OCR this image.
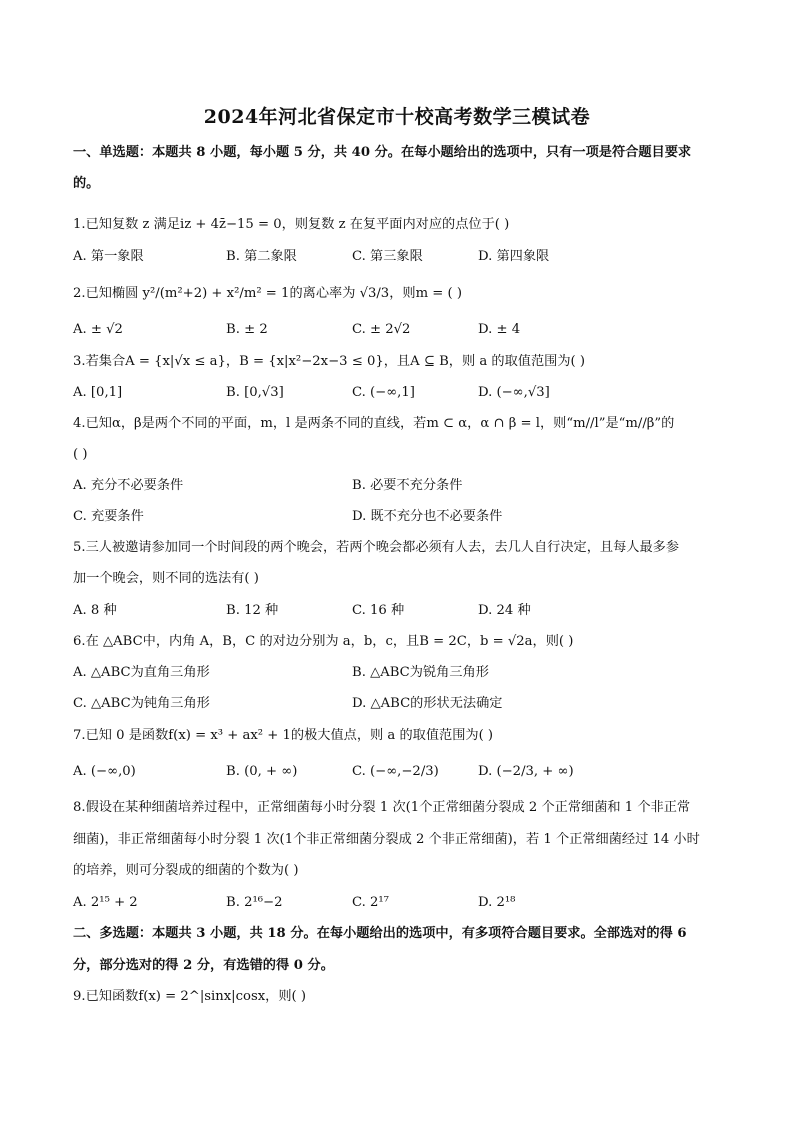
2024年河北省保定市十校高考数学三模试卷
一、单选题：本题共 8 小题，每小题 5 分，共 40 分。在每小题给出的选项中，只有一项是符合题目要求
的。
1.已知复数 z 满足iz + 4z̄−15 = 0，则复数 z 在复平面内对应的点位于( )
A. 第一象限	B. 第二象限	C. 第三象限	D. 第四象限
2.已知椭圆 y²/(m²+2) + x²/m² = 1的离心率为 √3/3，则m = ( )
A. ± √2	B. ± 2	C. ± 2√2	D. ± 4
3.若集合A = {x|√x ≤ a}，B = {x|x²−2x−3 ≤ 0}，且A ⊆ B，则 a 的取值范围为( )
A. [0,1]	B. [0,√3]	C. (−∞,1]	D. (−∞,√3]
4.已知α，β是两个不同的平面，m，l 是两条不同的直线，若m ⊂ α，α ∩ β = l，则“m//l”是“m//β”的
( )
A. 充分不必要条件	B. 必要不充分条件
C. 充要条件	D. 既不充分也不必要条件
5.三人被邀请参加同一个时间段的两个晚会，若两个晚会都必须有人去，去几人自行决定，且每人最多参
加一个晚会，则不同的选法有( )
A. 8 种	B. 12 种	C. 16 种	D. 24 种
6.在 △ABC中，内角 A，B，C 的对边分别为 a，b，c，且B = 2C，b = √2a，则( )
A. △ABC为直角三角形	B. △ABC为锐角三角形
C. △ABC为钝角三角形	D. △ABC的形状无法确定
7.已知 0 是函数f(x) = x³ + ax² + 1的极大值点，则 a 的取值范围为( )
A. (−∞,0)	B. (0, + ∞)	C. (−∞,−2/3)	D. (−2/3, + ∞)
8.假设在某种细菌培养过程中，正常细菌每小时分裂 1 次(1个正常细菌分裂成 2 个正常细菌和 1 个非正常
细菌)，非正常细菌每小时分裂 1 次(1个非正常细菌分裂成 2 个非正常细菌)，若 1 个正常细菌经过 14 小时
的培养，则可分裂成的细菌的个数为( )
A. 2¹⁵ + 2	B. 2¹⁶−2	C. 2¹⁷	D. 2¹⁸
二、多选题：本题共 3 小题，共 18 分。在每小题给出的选项中，有多项符合题目要求。全部选对的得 6
分，部分选对的得 2 分，有选错的得 0 分。
9.已知函数f(x) = 2^|sinx|cosx，则( )
